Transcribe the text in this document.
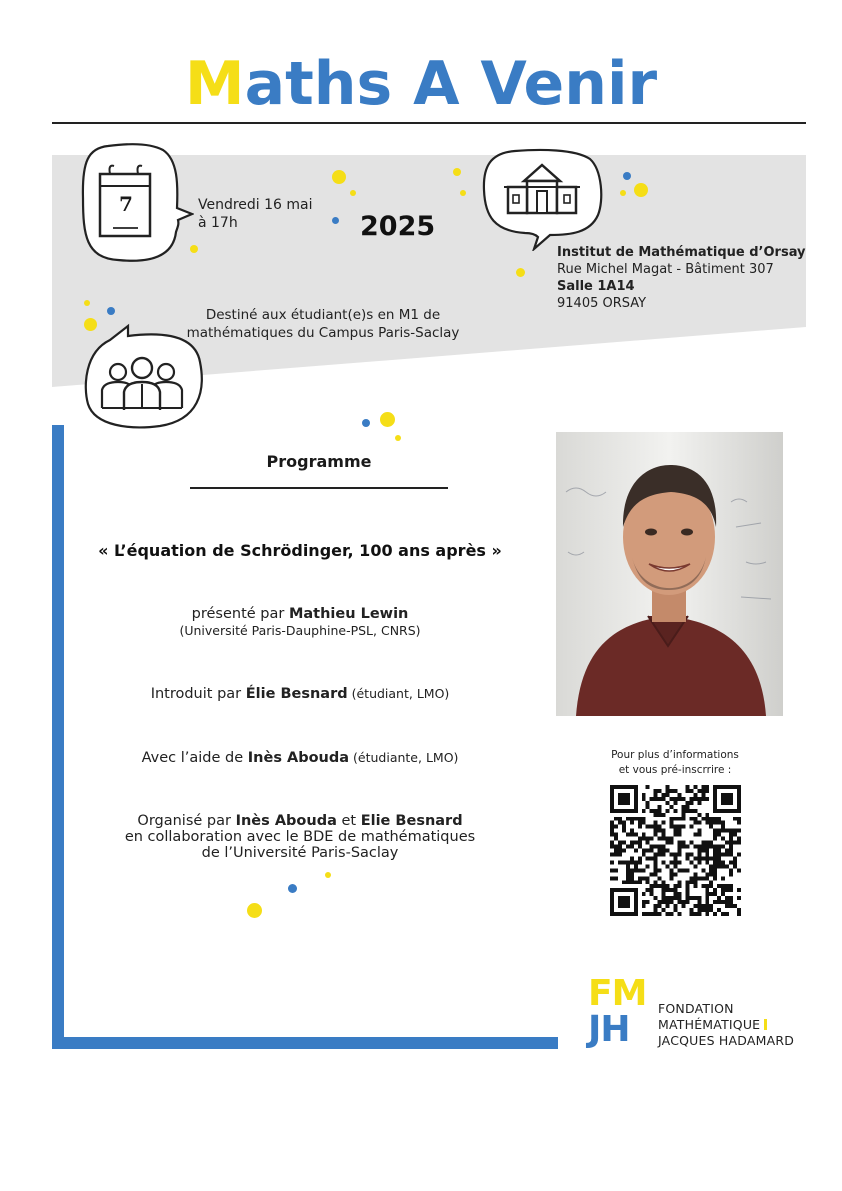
Maths A Venir
7	Vendredi 16 mai
à 17h	2025
Institut de Mathématique d’Orsay
Rue Michel Magat - Bâtiment 307
Salle 1A14
91405 ORSAY
Destiné aux étudiant(e)s en M1 de
mathématiques du Campus Paris-Saclay
Programme
« L’équation de Schrödinger, 100 ans après »
présenté par Mathieu Lewin
(Université Paris-Dauphine-PSL, CNRS)
Introduit par Élie Besnard (étudiant, LMO)
Avec l’aide de Inès Abouda (étudiante, LMO)
Organisé par Inès Abouda et Elie Besnard
en collaboration avec le BDE de mathématiques
de l’Université Paris-Saclay
Pour plus d’informations
et vous pré-inscrrire :
FM
JH
FONDATION
MATHÉMATIQUE
JACQUES HADAMARD
